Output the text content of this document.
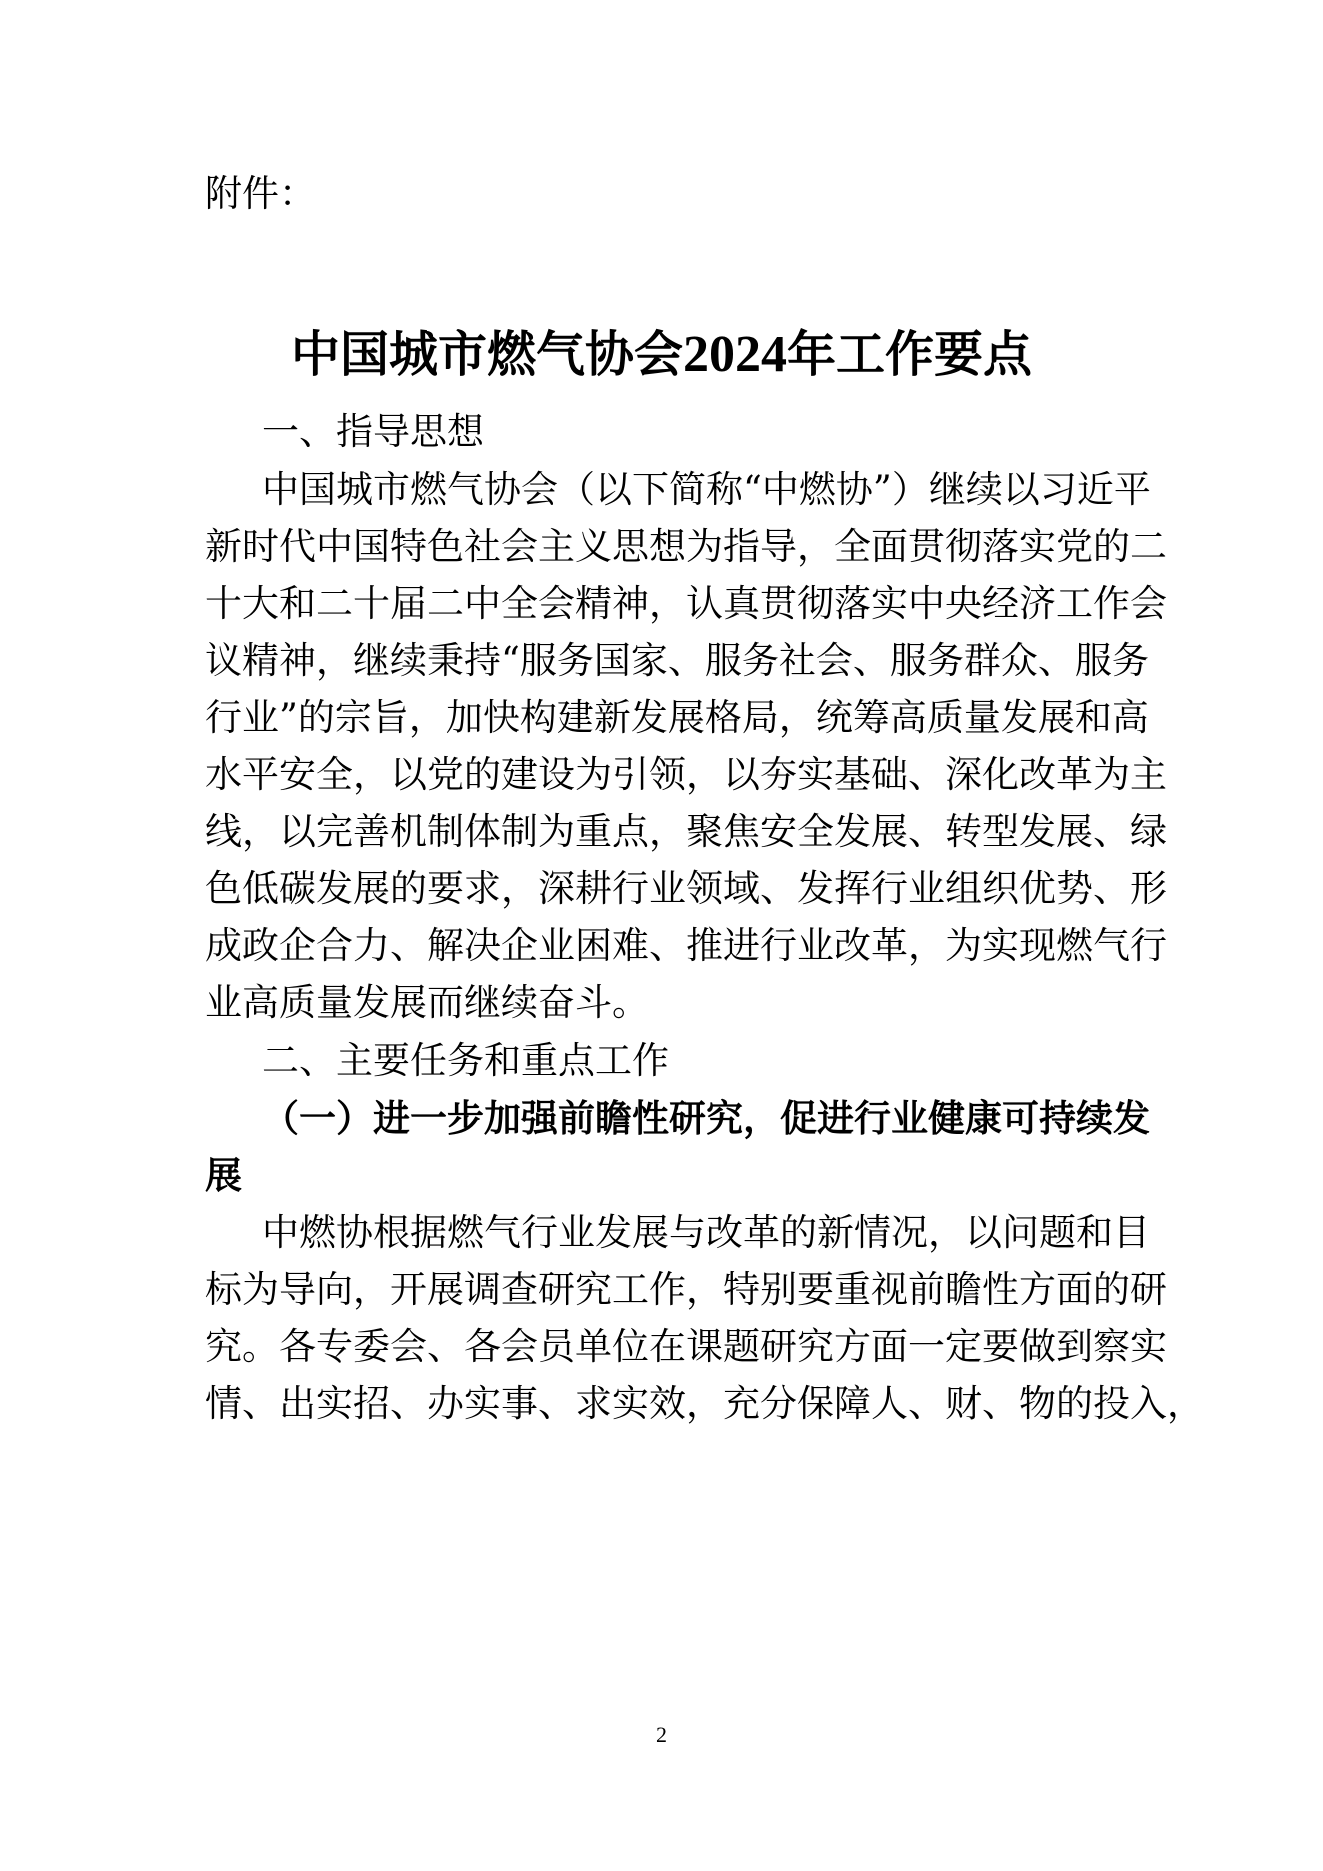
附件：
中国城市燃气协会2024年工作要点
一、指导思想
中国城市燃气协会（以下简称“中燃协”）继续以习近平
新时代中国特色社会主义思想为指导，全面贯彻落实党的二
十大和二十届二中全会精神，认真贯彻落实中央经济工作会
议精神，继续秉持“服务国家、服务社会、服务群众、服务
行业”的宗旨，加快构建新发展格局，统筹高质量发展和高
水平安全，以党的建设为引领，以夯实基础、深化改革为主
线，以完善机制体制为重点，聚焦安全发展、转型发展、绿
色低碳发展的要求，深耕行业领域、发挥行业组织优势、形
成政企合力、解决企业困难、推进行业改革，为实现燃气行
业高质量发展而继续奋斗。
二、主要任务和重点工作
（一）进一步加强前瞻性研究，促进行业健康可持续发
展
中燃协根据燃气行业发展与改革的新情况，以问题和目
标为导向，开展调查研究工作，特别要重视前瞻性方面的研
究。各专委会、各会员单位在课题研究方面一定要做到察实
情、出实招、办实事、求实效，充分保障人、财、物的投入，
2
